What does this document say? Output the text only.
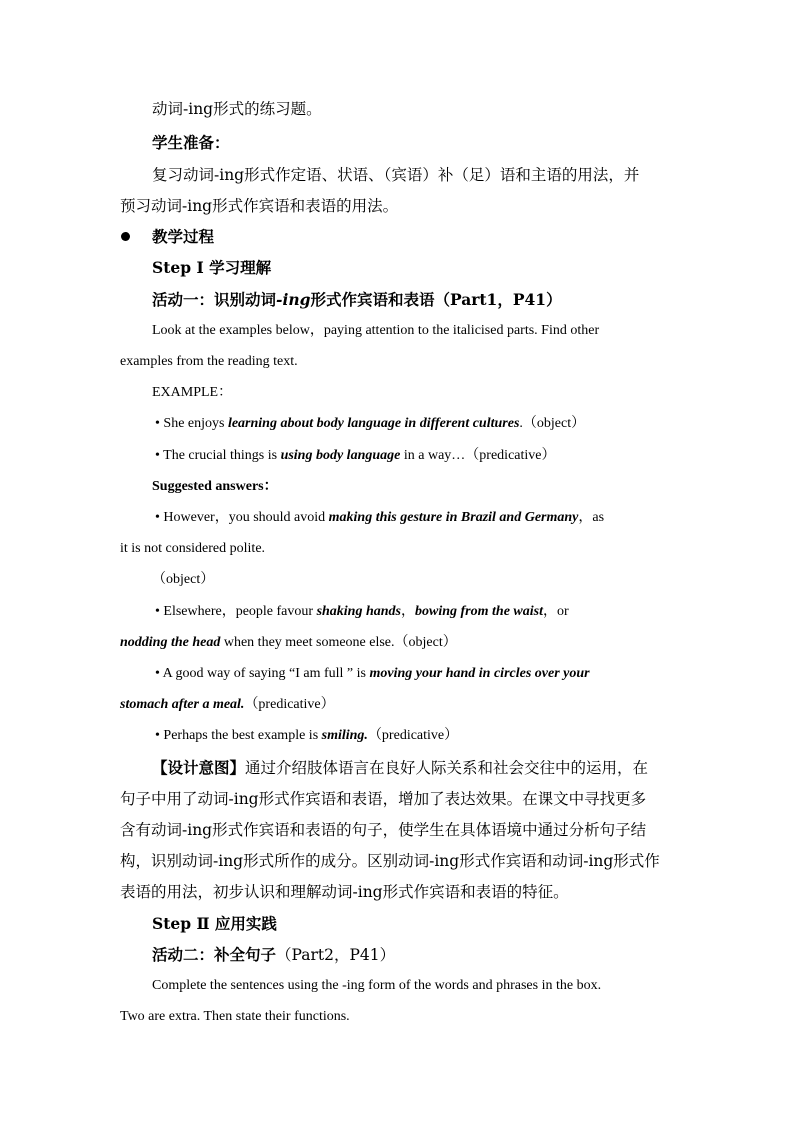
动词-ing形式的练习题。
学生准备：
复习动词-ing形式作定语、状语、（宾语）补（足）语和主语的用法，并
预习动词-ing形式作宾语和表语的用法。
教学过程
Step Ⅰ 学习理解
活动一：识别动词-ing形式作宾语和表语（Part1，P41）
Look at the examples below，paying attention to the italicised parts. Find other
examples from the reading text.
EXAMPLE：
• She enjoys learning about body language in different cultures.（object）
• The crucial things is using body language in a way…（predicative）
Suggested answers：
• However，you should avoid making this gesture in Brazil and Germany，as
it is not considered polite.
（object）
• Elsewhere，people favour shaking hands，bowing from the waist，or
nodding the head when they meet someone else.（object）
• A good way of saying “I am full ” is moving your hand in circles over your
stomach after a meal.（predicative）
• Perhaps the best example is smiling.（predicative）
【设计意图】通过介绍肢体语言在良好人际关系和社会交往中的运用，在
句子中用了动词-ing形式作宾语和表语，增加了表达效果。在课文中寻找更多
含有动词-ing形式作宾语和表语的句子，使学生在具体语境中通过分析句子结
构，识别动词-ing形式所作的成分。区别动词-ing形式作宾语和动词-ing形式作
表语的用法，初步认识和理解动词-ing形式作宾语和表语的特征。
Step Ⅱ 应用实践
活动二：补全句子（Part2，P41）
Complete the sentences using the -ing form of the words and phrases in the box.
Two are extra. Then state their functions.
